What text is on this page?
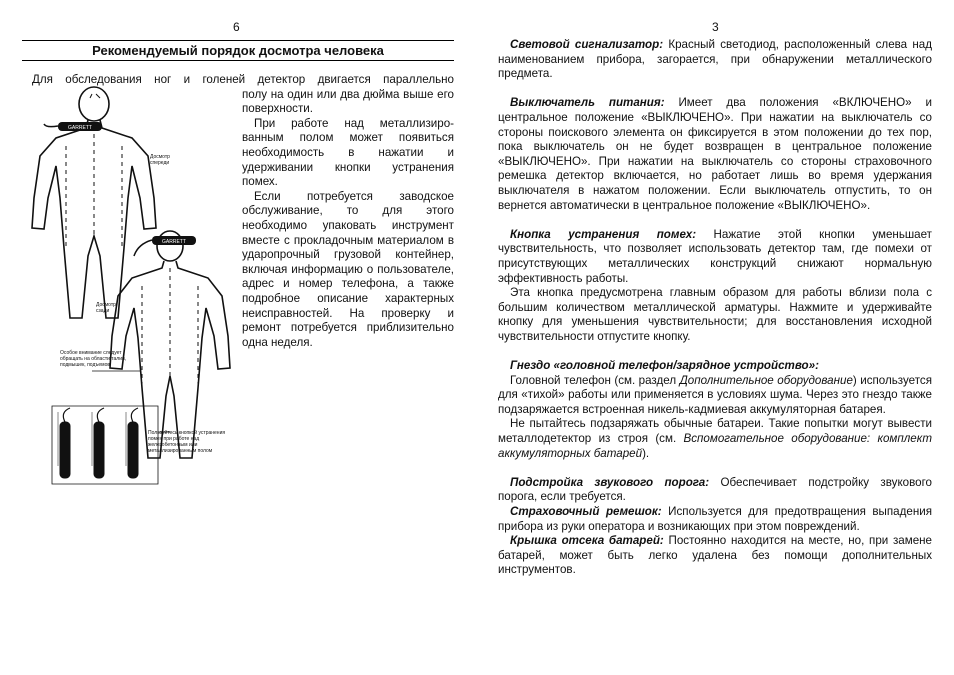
6
Рекомендуемый порядок досмотра человека
Для обследования ног и голеней детектор двигается параллельно
полу на один или два дюйма выше его поверхности.
При работе над металлизиро-ванным полом может появиться необходимость в нажатии и удерживании кнопки устранения помех.
Если потребуется заводское обслуживание, то для этого необходимо упаковать инструмент вместе с прокладочным материалом в ударопрочный грузовой контейнер, включая информацию о пользователе, адрес и номер телефона, а также подробное описание характерных неисправностей. На проверку и ремонт потребуется приблизительно одна неделя.
GARRETT
GARRETT
Досмотр спереди
Досмотр сзади
Особое внимание следует обращать на области талии, подмышек, подъемов
Пользуйтесь кнопкой устранения помех при работе над железобетонным или металлизированным полом
3

Световой сигнализатор: Красный светодиод, расположенный слева над наименованием прибора, загорается, при обнаружении металлического предмета.

Выключатель питания: Имеет два положения «ВКЛЮЧЕНО» и центральное положение «ВЫКЛЮЧЕНО». При нажатии на выключатель со стороны поискового элемента он фиксируется в этом положении до тех пор, пока выключатель он не будет возвращен в центральное положение «ВЫКЛЮЧЕНО». При нажатии на выключатель со стороны страховочного ремешка детектор включается, но работает лишь во время удержания выключателя в нажатом положении. Если выключатель отпустить, то он вернется автоматически в центральное положение «ВЫКЛЮЧЕНО».

Кнопка устранения помех: Нажатие этой кнопки уменьшает чувствительность, что позволяет использовать детектор там, где помехи от присутствующих металлических конструкций снижают нормальную эффективность работы.

Эта кнопка предусмотрена главным образом для работы вблизи пола с большим количеством металлической арматуры. Нажмите и удерживайте кнопку для уменьшения чувствительности; для восстановления исходной чувствительности отпустите кнопку.

Гнездо «головной телефон/зарядное устройство»:

Головной телефон (см. раздел Дополнительное оборудование) используется для «тихой» работы или применяется в условиях шума. Через это гнездо также подзаряжается встроенная никель-кадмиевая аккумуляторная батарея.

Не пытайтесь подзаряжать обычные батареи. Такие попытки могут вывести металлодетектор из строя (см. Вспомогательное оборудование: комплект аккумуляторных батарей).

Подстройка звукового порога: Обеспечивает подстройку звукового порога, если требуется.

Страховочный ремешок: Используется для предотвращения выпадения прибора из руки оператора и возникающих при этом повреждений.

Крышка отсека батарей: Постоянно находится на месте, но, при замене батарей, может быть легко удалена без помощи дополнительных инструментов.
